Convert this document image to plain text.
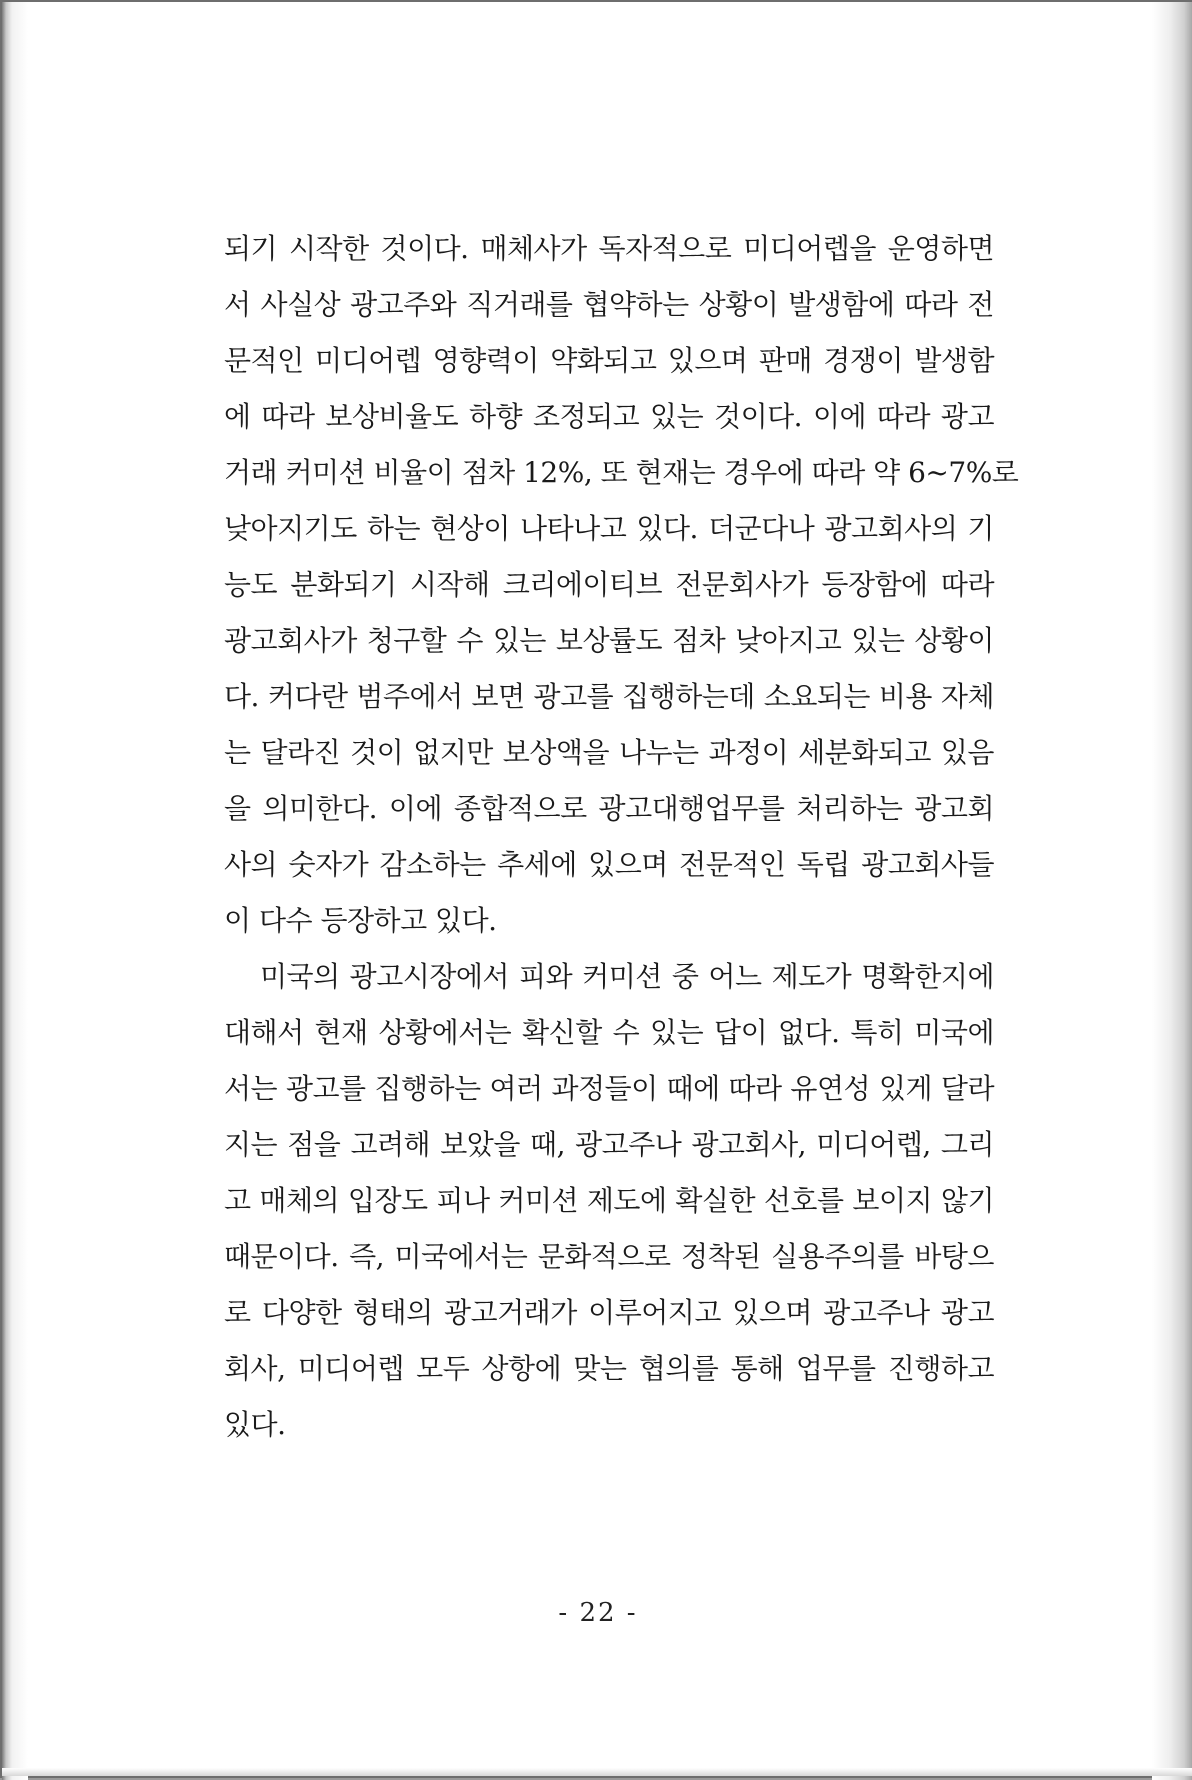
되기 시작한 것이다. 매체사가 독자적으로 미디어렙을 운영하면
서 사실상 광고주와 직거래를 협약하는 상황이 발생함에 따라 전
문적인 미디어렙 영향력이 약화되고 있으며 판매 경쟁이 발생함
에 따라 보상비율도 하향 조정되고 있는 것이다. 이에 따라 광고
거래 커미션 비율이 점차 12%, 또 현재는 경우에 따라 약 6~7%로
낮아지기도 하는 현상이 나타나고 있다. 더군다나 광고회사의 기
능도 분화되기 시작해 크리에이티브 전문회사가 등장함에 따라
광고회사가 청구할 수 있는 보상률도 점차 낮아지고 있는 상황이
다. 커다란 범주에서 보면 광고를 집행하는데 소요되는 비용 자체
는 달라진 것이 없지만 보상액을 나누는 과정이 세분화되고 있음
을 의미한다. 이에 종합적으로 광고대행업무를 처리하는 광고회
사의 숫자가 감소하는 추세에 있으며 전문적인 독립 광고회사들
이 다수 등장하고 있다.
미국의 광고시장에서 피와 커미션 중 어느 제도가 명확한지에
대해서 현재 상황에서는 확신할 수 있는 답이 없다. 특히 미국에
서는 광고를 집행하는 여러 과정들이 때에 따라 유연성 있게 달라
지는 점을 고려해 보았을 때, 광고주나 광고회사, 미디어렙, 그리
고 매체의 입장도 피나 커미션 제도에 확실한 선호를 보이지 않기
때문이다. 즉, 미국에서는 문화적으로 정착된 실용주의를 바탕으
로 다양한 형태의 광고거래가 이루어지고 있으며 광고주나 광고
회사, 미디어렙 모두 상항에 맞는 협의를 통해 업무를 진행하고
있다.
- 22 -
